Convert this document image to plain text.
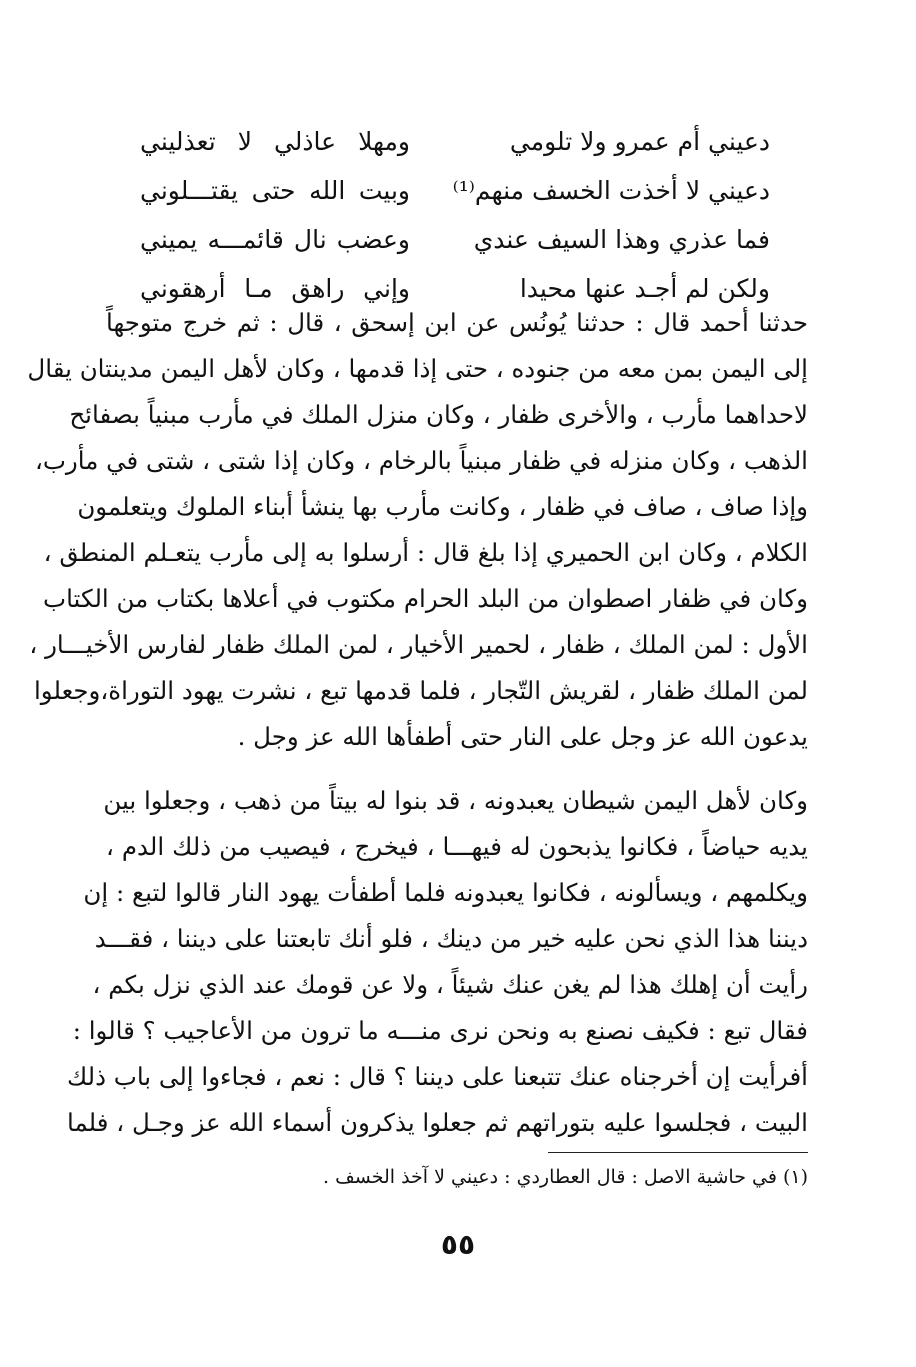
دعيني أم عمرو ولا تلومي
ومهلا عاذلي لا تعذليني
دعيني لا أخذت الخسف منهم⁽¹⁾
وبيت الله حتى يقتـــلوني
فما عذري وهذا السيف عندي
وعضب نال قائمـــه يميني
ولكن لم أجـد عنها محيدا
وإني راهق مـا أرهقوني
حدثنا أحمد قال : حدثنا يُونُس عن ابن إسحق ، قال : ثم خرج متوجهاً
إلى اليمن بمن معه من جنوده ، حتى إذا قدمها ، وكان لأهل اليمن مدينتان يقال
لاحداهما مأرب ، والأخرى ظفار ، وكان منزل الملك في مأرب مبنياً بصفائح
الذهب ، وكان منزله في ظفار مبنياً بالرخام ، وكان إذا شتى ، شتى في مأرب،
وإذا صاف ، صاف في ظفار ، وكانت مأرب بها ينشأ أبناء الملوك ويتعلمون
الكلام ، وكان ابن الحميري إذا بلغ قال : أرسلوا به إلى مأرب يتعـلم المنطق ،
وكان في ظفار اصطوان من البلد الحرام مكتوب في أعلاها بكتاب من الكتاب
الأول : لمن الملك ، ظفار ، لحمير الأخيار ، لمن الملك ظفار لفارس الأخيـــار ،
لمن الملك ظفار ، لقريش التّجار ، فلما قدمها تبع ، نشرت يهود التوراة،وجعلوا
يدعون الله عز وجل على النار حتى أطفأها الله عز وجل .
وكان لأهل اليمن شيطان يعبدونه ، قد بنوا له بيتاً من ذهب ، وجعلوا بين
يديه حياضاً ، فكانوا يذبحون له فيهـــا ، فيخرج ، فيصيب من ذلك الدم ،
ويكلمهم ، ويسألونه ، فكانوا يعبدونه فلما أطفأت يهود النار قالوا لتبع : إن
ديننا هذا الذي نحن عليه خير من دينك ، فلو أنك تابعتنا على ديننا ، فقـــد
رأيت أن إهلك هذا لم يغن عنك شيئاً ، ولا عن قومك عند الذي نزل بكم ،
فقال تبع : فكيف نصنع به ونحن نرى منـــه ما ترون من الأعاجيب ؟ قالوا :
أفرأيت إن أخرجناه عنك تتبعنا على ديننا ؟ قال : نعم ، فجاءوا إلى باب ذلك
البيت ، فجلسوا عليه بتوراتهم ثم جعلوا يذكرون أسماء الله عز وجـل ، فلما
(١) في حاشية الاصل : قال العطاردي : دعيني لا آخذ الخسف .
٥٥
